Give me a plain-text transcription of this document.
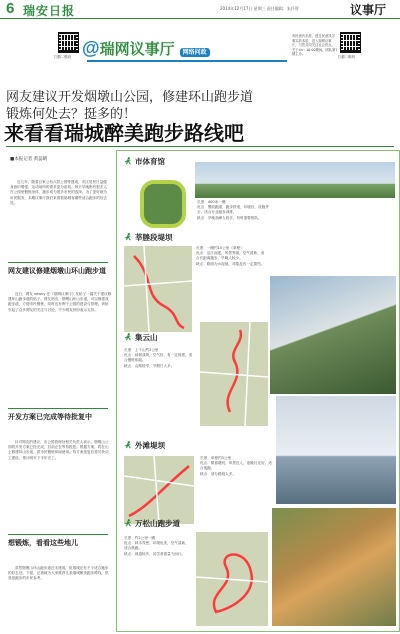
6 瑞安日报	2014年12月17日 星期三 责任编辑：朱仟智	议事厅
扫描二维码 @瑞网议事厅 网络问政
有民意有态度，透过民意找寻事实的本质，进入瑞网议事厅，与您共同关注社会热点。关于4n～10:00期间，团队第1期主办。
扫描二维码
网友建议开发烟墩山公园，修建环山跑步道
锻炼何处去？挺多的！
来看看瑞城醉美跑步路线吧
■本报记者 黄蕊晴

近几年，随着百家公有六层公园等建成，市区居民日益健身意识增强，运动场所的需求更为迫切。每天早晚都有很多人在公园里锻炼身体，跑步成为很多市民的选择。为了更好地为市民服务，本期议事厅我们来看看瑞城有哪些适合跑步的好去处。

网友建议修建烟墩山环山跑步道

近日，网友 sewny 在《瑞网议事厅》发帖了一篇关于建议修建环山跑步道的帖子。网友指出，烟墩山环山步道，可以修建成跑步道，方便市民锻炼，同时也有利于公园的建设与管理。该帖引起了众多网友的关注与讨论，不少网友纷纷表示支持。

开发方案已完成等待批复中

针对网友的建议，市公园管理处相关负责人表示，烟墩山公园的开发方案已经完成，目前正在等待批复。根据方案，将在山上修建环山步道，供市民锻炼休闲使用。待方案批复后将尽快动工建设，预计明年下半年完工。

想锻炼，看看这些地儿

虽然烟墩山环山跑步道还未建成，但瑞城还有不少适合跑步的好去处。下面，记者就为大家推荐几条瑞城醉美跑步路线，供喜爱跑步的市民参考。

市体育馆
长度：400米一圈
优点：塑胶跑道，跑步舒适，环境好，设施齐全，适合专业跑步训练。
缺点：早晚高峰人较多，有时需要排队。
莘塍段堤坝
长度：一圈约10公里（单程）
优点：沿江而建，风景秀丽，空气清新，适合长距离跑步，早晚人较少。
缺点：路面为水泥地，对膝盖有一定损伤。
集云山
长度：上下山约2公里
优点：绿树成荫，空气好，有一定坡度，适合锻炼体能。
缺点：山路较窄，节假日人多。
外滩堤坝
长度：单程约3公里
优点：紧靠塘河，风景宜人，夜晚灯光好，适合夜跑。
缺点：部分路段人多。
万松山跑步道
长度：约2公里一圈
优点：林木茂密，环境优美，空气清新，适合晨跑。
缺点：坡道较多，初学者需量力而行。
